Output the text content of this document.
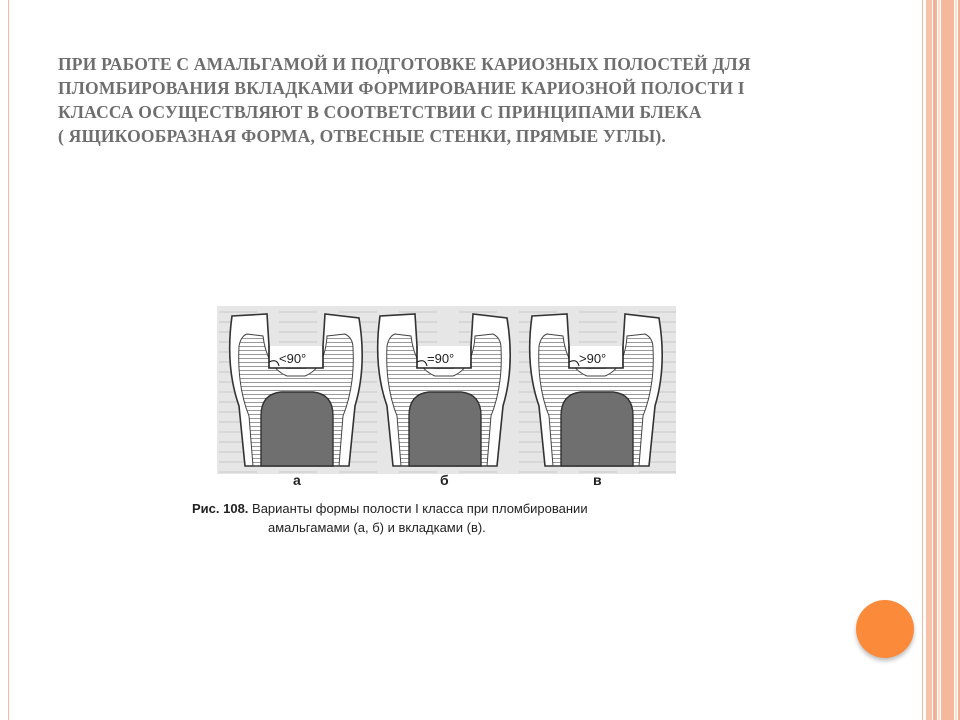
ПРИ РАБОТЕ С АМАЛЬГАМОЙ И ПОДГОТОВКЕ КАРИОЗНЫХ ПОЛОСТЕЙ ДЛЯ
ПЛОМБИРОВАНИЯ ВКЛАДКАМИ ФОРМИРОВАНИЕ КАРИОЗНОЙ ПОЛОСТИ I
КЛАССА ОСУЩЕСТВЛЯЮТ В СООТВЕТСТВИИ С ПРИНЦИПАМИ БЛЕКА
( ЯЩИКООБРАЗНАЯ ФОРМА, ОТВЕСНЫЕ СТЕНКИ, ПРЯМЫЕ УГЛЫ).
<90°	=90°	>90°
а	б	в
Рис. 108. Варианты формы полости I класса при пломбировании
амальгамами (а, б) и вкладками (в).
